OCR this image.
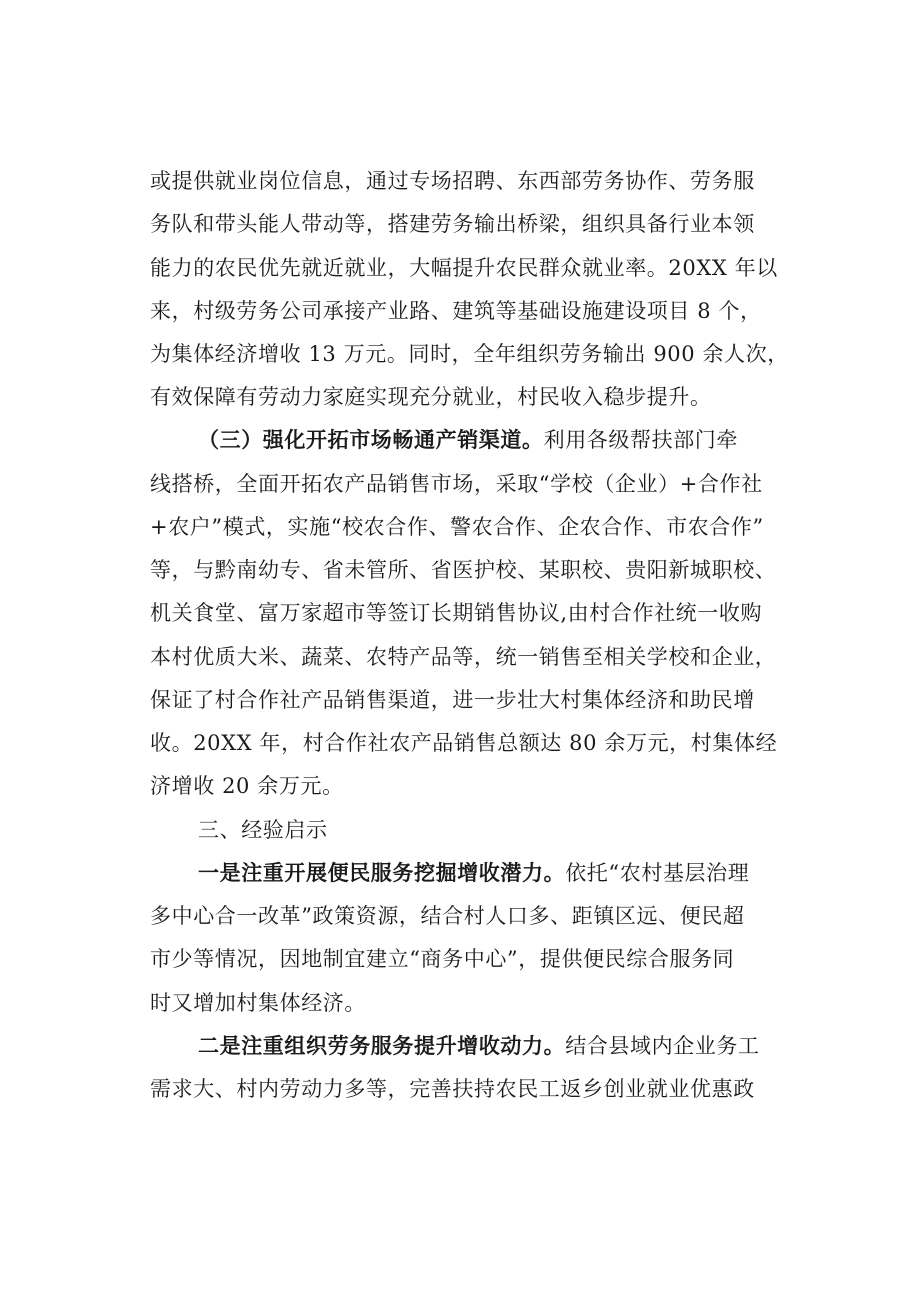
或提供就业岗位信息，通过专场招聘、东西部劳务协作、劳务服
务队和带头能人带动等，搭建劳务输出桥梁，组织具备行业本领
能力的农民优先就近就业，大幅提升农民群众就业率。20XX 年以
来，村级劳务公司承接产业路、建筑等基础设施建设项目 8 个，
为集体经济增收 13 万元。同时，全年组织劳务输出 900 余人次，
有效保障有劳动力家庭实现充分就业，村民收入稳步提升。
（三）强化开拓市场畅通产销渠道。利用各级帮扶部门牵
线搭桥，全面开拓农产品销售市场，采取“学校（企业）+合作社
+农户”模式，实施“校农合作、警农合作、企农合作、市农合作”
等，与黔南幼专、省未管所、省医护校、某职校、贵阳新城职校、
机关食堂、富万家超市等签订长期销售协议,由村合作社统一收购
本村优质大米、蔬菜、农特产品等，统一销售至相关学校和企业，
保证了村合作社产品销售渠道，进一步壮大村集体经济和助民增
收。20XX 年，村合作社农产品销售总额达 80 余万元，村集体经
济增收 20 余万元。
三、经验启示
一是注重开展便民服务挖掘增收潜力。依托“农村基层治理
多中心合一改革”政策资源，结合村人口多、距镇区远、便民超
市少等情况，因地制宜建立“商务中心”，提供便民综合服务同
时又增加村集体经济。
二是注重组织劳务服务提升增收动力。结合县域内企业务工
需求大、村内劳动力多等，完善扶持农民工返乡创业就业优惠政
